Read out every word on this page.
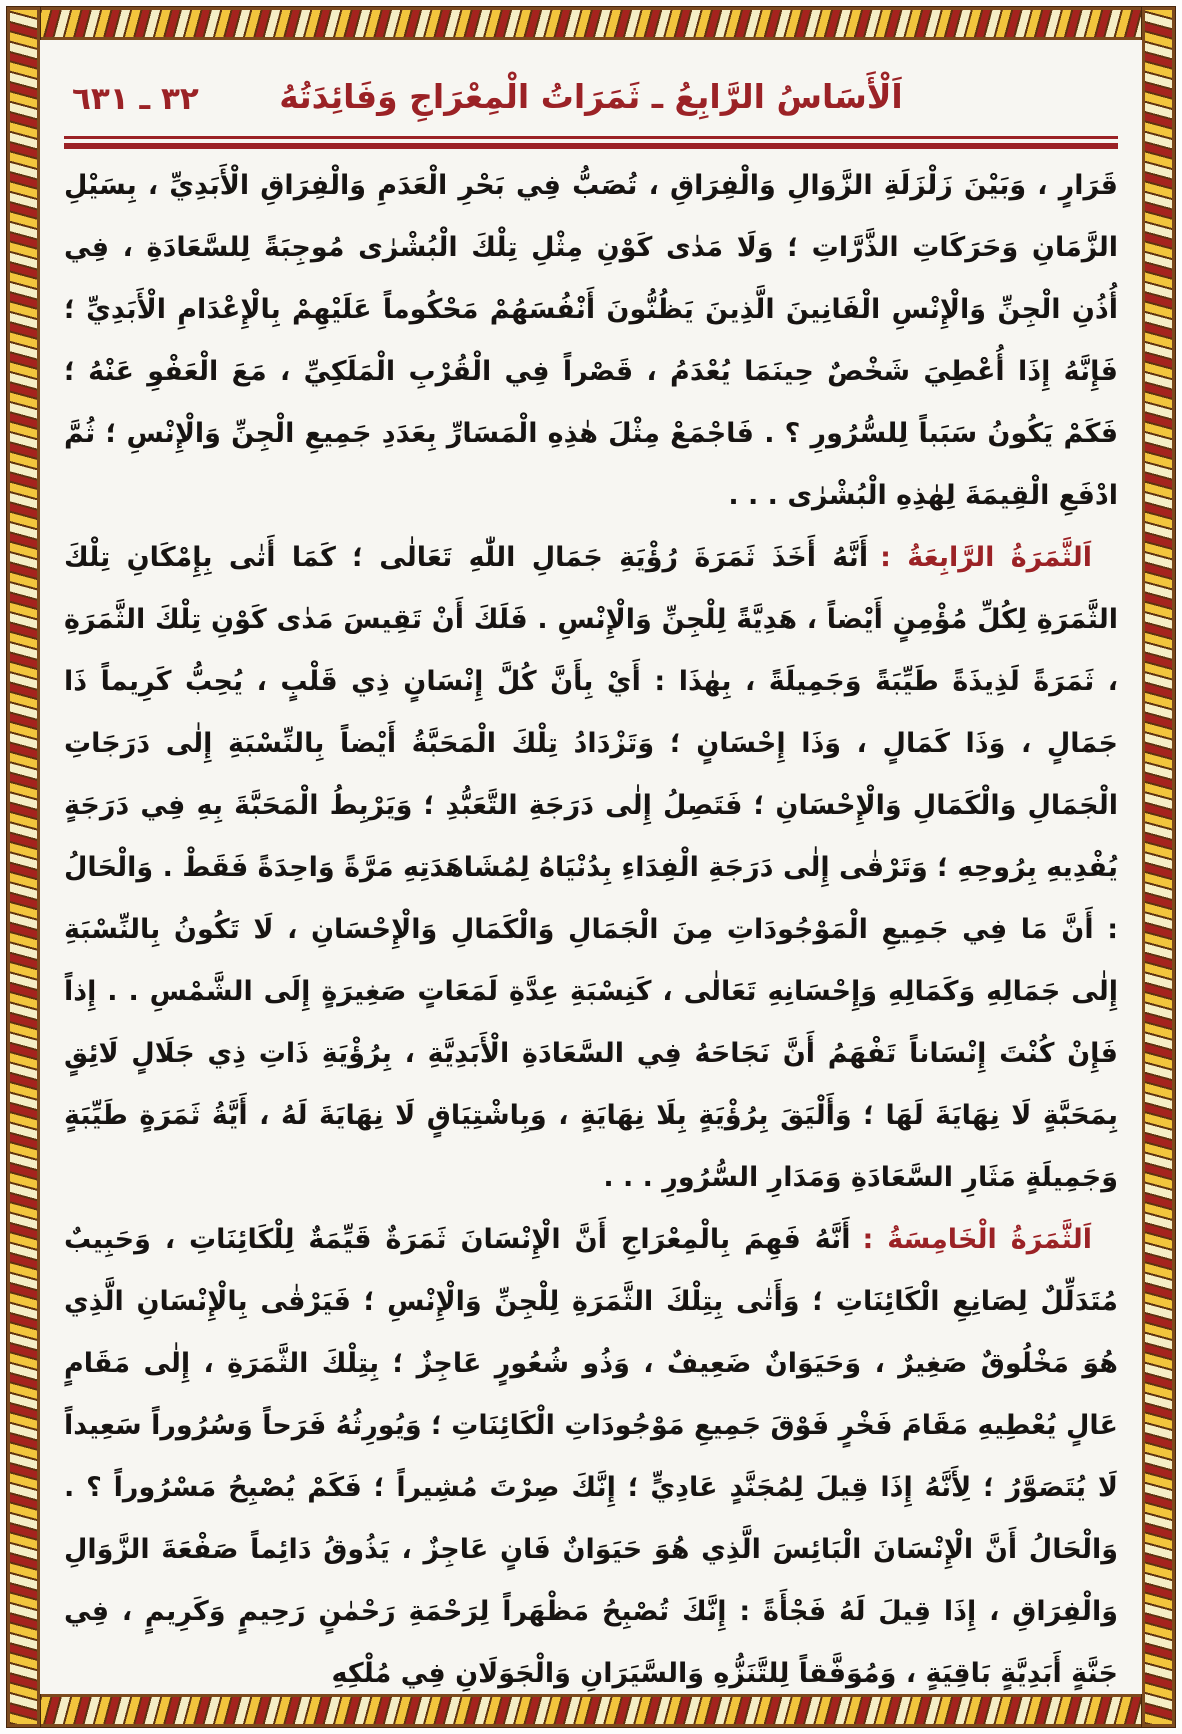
اَلْأَسَاسُ الرَّابِعُ ـ ثَمَرَاتُ الْمِعْرَاجِ وَفَائِدَتُهُ
٣٢ ـ ٦٣١

قَرَارٍ ، وَبَيْنَ زَلْزَلَةِ الزَّوَالِ وَالْفِرَاقِ ، تُصَبُّ فِي بَحْرِ الْعَدَمِ وَالْفِرَاقِ الْأَبَدِيِّ ، بِسَيْلِ الزَّمَانِ وَحَرَكَاتِ الذَّرَّاتِ ؛ وَلَا مَدٰى كَوْنِ مِثْلِ تِلْكَ الْبُشْرٰى مُوجِبَةً لِلسَّعَادَةِ ، فِي أُذُنِ الْجِنِّ وَالْإِنْسِ الْفَانِينَ الَّذِينَ يَظُنُّونَ أَنْفُسَهُمْ مَحْكُوماً عَلَيْهِمْ بِالْإِعْدَامِ الْأَبَدِيِّ ؛ فَإِنَّهُ إِذَا أُعْطِيَ شَخْصٌ حِينَمَا يُعْدَمُ ، قَصْراً فِي الْقُرْبِ الْمَلَكِيِّ ، مَعَ الْعَفْوِ عَنْهُ ؛ فَكَمْ يَكُونُ سَبَباً لِلسُّرُورِ ؟ . فَاجْمَعْ مِثْلَ هٰذِهِ الْمَسَارِّ بِعَدَدِ جَمِيعِ الْجِنِّ وَالْإِنْسِ ؛ ثُمَّ ادْفَعِ الْقِيمَةَ لِهٰذِهِ الْبُشْرٰى . . .

اَلثَّمَرَةُ الرَّابِعَةُ :أَنَّهُ أَخَذَ ثَمَرَةَ رُؤْيَةِ جَمَالِ اللّٰهِ تَعَالٰى ؛ كَمَا أَتٰى بِإِمْكَانِ تِلْكَ الثَّمَرَةِ لِكُلِّ مُؤْمِنٍ أَيْضاً ، هَدِيَّةً لِلْجِنِّ وَالْإِنْسِ . فَلَكَ أَنْ تَقِيسَ مَدٰى كَوْنِ تِلْكَ الثَّمَرَةِ ، ثَمَرَةً لَذِيذَةً طَيِّبَةً وَجَمِيلَةً ، بِهٰذَا : أَيْ بِأَنَّ كُلَّ إِنْسَانٍ ذِي قَلْبٍ ، يُحِبُّ كَرِيماً ذَا جَمَالٍ ، وَذَا كَمَالٍ ، وَذَا إِحْسَانٍ ؛ وَتَزْدَادُ تِلْكَ الْمَحَبَّةُ أَيْضاً بِالنِّسْبَةِ إِلٰى دَرَجَاتِ الْجَمَالِ وَالْكَمَالِ وَالْإِحْسَانِ ؛ فَتَصِلُ إِلٰى دَرَجَةِ التَّعَبُّدِ ؛ وَيَرْبِطُ الْمَحَبَّةَ بِهِ فِي دَرَجَةٍ يُفْدِيهِ بِرُوحِهِ ؛ وَتَرْقٰى إِلٰى دَرَجَةِ الْفِدَاءِ بِدُنْيَاهُ لِمُشَاهَدَتِهِ مَرَّةً وَاحِدَةً فَقَطْ . وَالْحَالُ : أَنَّ مَا فِي جَمِيعِ الْمَوْجُودَاتِ مِنَ الْجَمَالِ وَالْكَمَالِ وَالْإِحْسَانِ ، لَا تَكُونُ بِالنِّسْبَةِ إِلٰى جَمَالِهِ وَكَمَالِهِ وَإِحْسَانِهِ تَعَالٰى ، كَنِسْبَةِ عِدَّةِ لَمَعَاتٍ صَغِيرَةٍ إِلَى الشَّمْسِ . . إِذاً فَإِنْ كُنْتَ إِنْسَاناً تَفْهَمُ أَنَّ نَجَاحَهُ فِي السَّعَادَةِ الْأَبَدِيَّةِ ، بِرُؤْيَةِ ذَاتِ ذِي جَلَالٍ لَائِقٍ بِمَحَبَّةٍ لَا نِهَايَةَ لَهَا ؛ وَأَلْيَقَ بِرُؤْيَةٍ بِلَا نِهَايَةٍ ، وَبِاشْتِيَاقٍ لَا نِهَايَةَ لَهُ ، أَيَّةُ ثَمَرَةٍ طَيِّبَةٍ وَجَمِيلَةٍ مَثَارِ السَّعَادَةِ وَمَدَارِ السُّرُورِ . . .

اَلثَّمَرَةُ الْخَامِسَةُ :أَنَّهُ فَهِمَ بِالْمِعْرَاجِ أَنَّ الْإِنْسَانَ ثَمَرَةٌ قَيِّمَةٌ لِلْكَائِنَاتِ ، وَحَبِيبٌ مُتَدَلِّلٌ لِصَانِعِ الْكَائِنَاتِ ؛ وَأَتٰى بِتِلْكَ الثَّمَرَةِ لِلْجِنِّ وَالْإِنْسِ ؛ فَيَرْقٰى بِالْإِنْسَانِ الَّذِي هُوَ مَخْلُوقٌ صَغِيرٌ ، وَحَيَوَانٌ ضَعِيفٌ ، وَذُو شُعُورٍ عَاجِزٌ ؛ بِتِلْكَ الثَّمَرَةِ ، إِلٰى مَقَامٍ عَالٍ يُعْطِيهِ مَقَامَ فَخْرٍ فَوْقَ جَمِيعِ مَوْجُودَاتِ الْكَائِنَاتِ ؛ وَيُورِثُهُ فَرَحاً وَسُرُوراً سَعِيداً لَا يُتَصَوَّرُ ؛ لِأَنَّهُ إِذَا قِيلَ لِمُجَنَّدٍ عَادِيٍّ ؛ إِنَّكَ صِرْتَ مُشِيراً ؛ فَكَمْ يُصْبِحُ مَسْرُوراً ؟ . وَالْحَالُ أَنَّ الْإِنْسَانَ الْبَائِسَ الَّذِي هُوَ حَيَوَانٌ فَانٍ عَاجِزٌ ، يَذُوقُ دَائِماً صَفْعَةَ الزَّوَالِ وَالْفِرَاقِ ، إِذَا قِيلَ لَهُ فَجْأَةً : إِنَّكَ تُصْبِحُ مَظْهَراً لِرَحْمَةِ رَحْمٰنٍ رَحِيمٍ وَكَرِيمٍ ، فِي جَنَّةٍ أَبَدِيَّةٍ بَاقِيَةٍ ، وَمُوَفَّقاً لِلتَّنَزُّهِ وَالسَّيَرَانِ وَالْجَوَلَانِ فِي مُلْكِهِ
